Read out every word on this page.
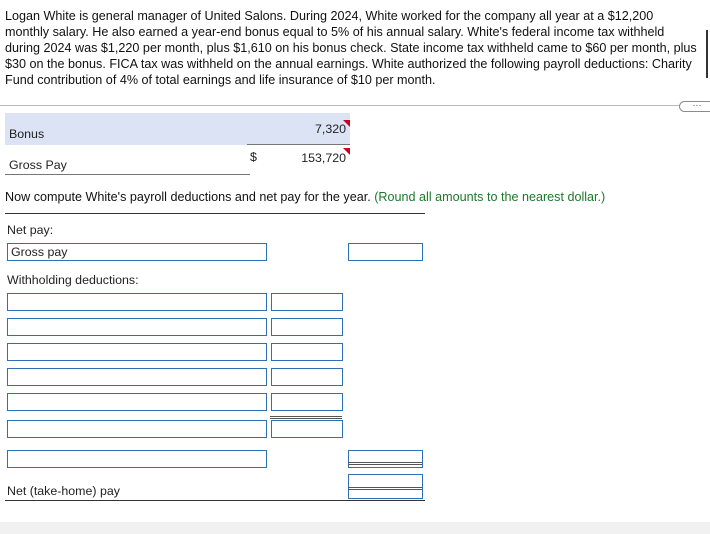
Logan White is general manager of United Salons. During 2024, White worked for the company all year at a $12,200 monthly salary. He also earned a year-end bonus equal to 5% of his annual salary. White's federal income tax withheld during 2024 was $1,220 per month, plus $1,610 on his bonus check. State income tax withheld came to $60 per month, plus $30 on the bonus. FICA tax was withheld on the annual earnings. White authorized the following payroll deductions: Charity Fund contribution of 4% of total earnings and life insurance of $10 per month.
⋯
Bonus	7,320
Gross Pay
$	153,720
Now compute White's payroll deductions and net pay for the year. (Round all amounts to the nearest dollar.)
Net pay:
Gross pay
Withholding deductions:
Net (take-home) pay
